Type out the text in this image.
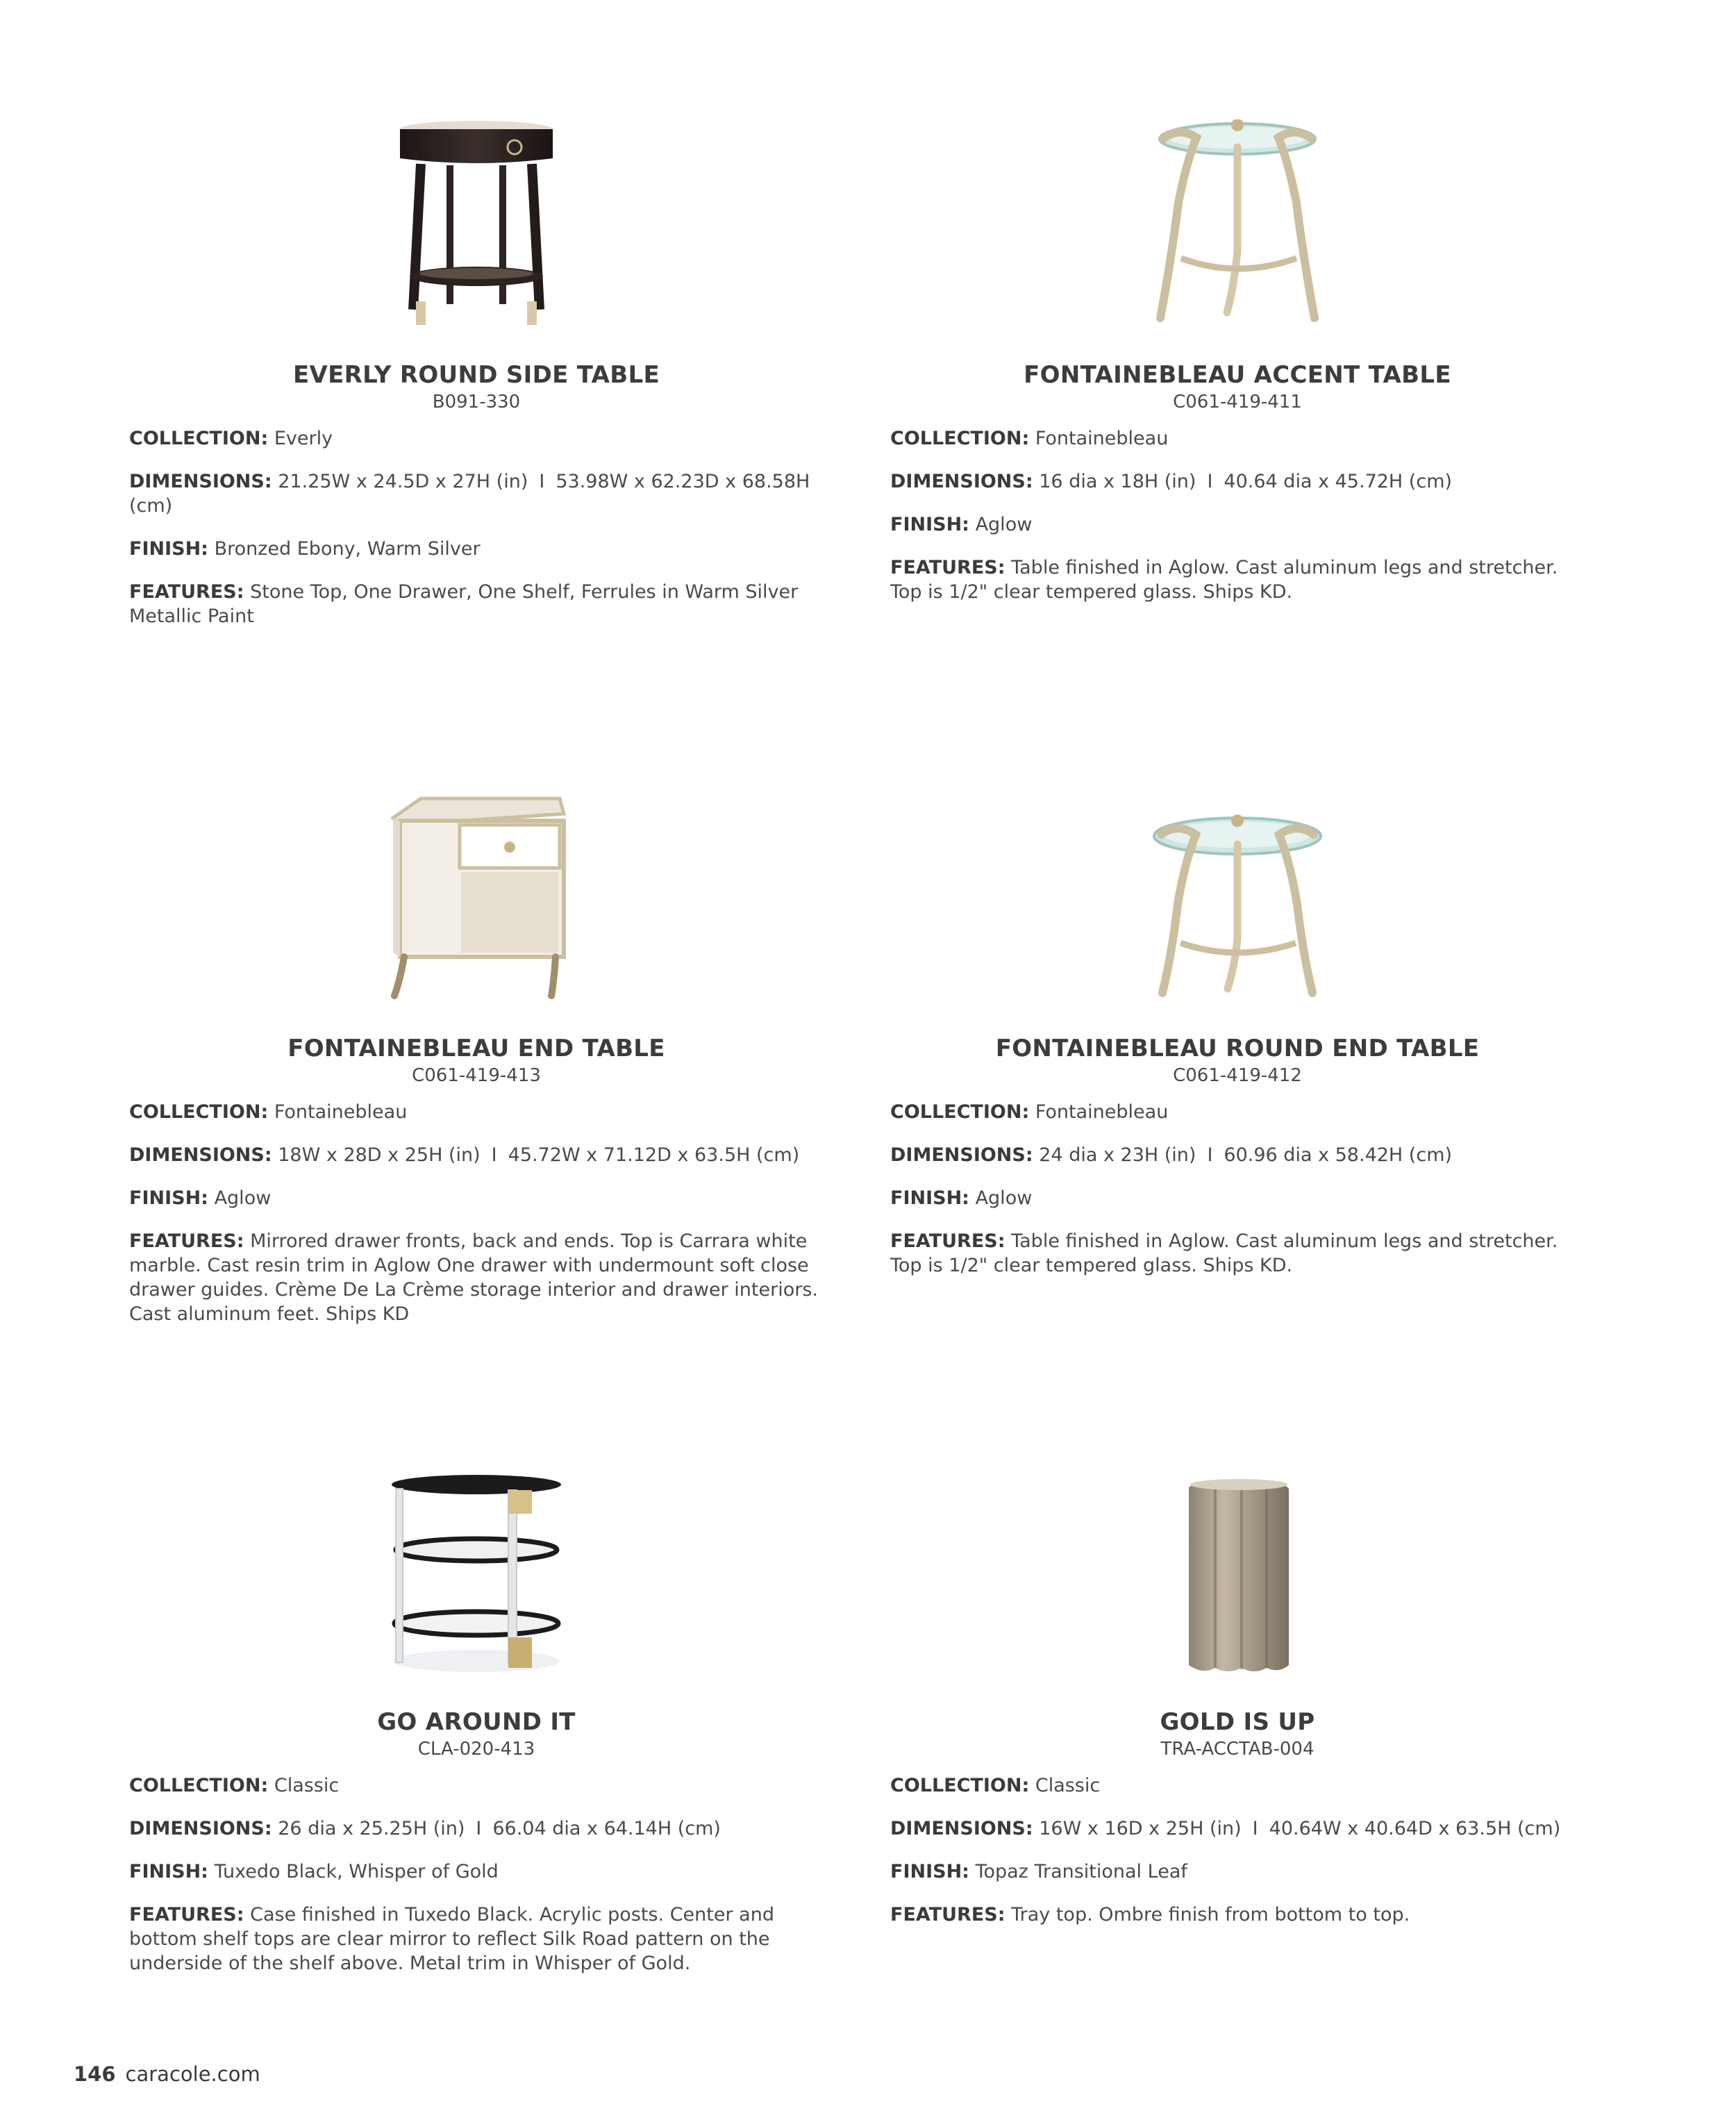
EVERLY ROUND SIDE TABLE
B091-330
COLLECTION: Everly
DIMENSIONS: 21.25W x 24.5D x 27H (in) I 53.98W x 62.23D x 68.58H (cm)
FINISH: Bronzed Ebony, Warm Silver
FEATURES: Stone Top, One Drawer, One Shelf, Ferrules in Warm Silver Metallic Paint
FONTAINEBLEAU ACCENT TABLE
C061-419-411
COLLECTION: Fontainebleau
DIMENSIONS: 16 dia x 18H (in) I 40.64 dia x 45.72H (cm)
FINISH: Aglow
FEATURES: Table finished in Aglow. Cast aluminum legs and stretcher. Top is 1/2" clear tempered glass. Ships KD.
FONTAINEBLEAU END TABLE
C061-419-413
COLLECTION: Fontainebleau
DIMENSIONS: 18W x 28D x 25H (in) I 45.72W x 71.12D x 63.5H (cm)
FINISH: Aglow
FEATURES: Mirrored drawer fronts, back and ends. Top is Carrara white marble. Cast resin trim in Aglow One drawer with undermount soft close drawer guides. Crème De La Crème storage interior and drawer interiors. Cast aluminum feet. Ships KD
FONTAINEBLEAU ROUND END TABLE
C061-419-412
COLLECTION: Fontainebleau
DIMENSIONS: 24 dia x 23H (in) I 60.96 dia x 58.42H (cm)
FINISH: Aglow
FEATURES: Table finished in Aglow. Cast aluminum legs and stretcher. Top is 1/2" clear tempered glass. Ships KD.
GO AROUND IT
CLA-020-413
COLLECTION: Classic
DIMENSIONS: 26 dia x 25.25H (in) I 66.04 dia x 64.14H (cm)
FINISH: Tuxedo Black, Whisper of Gold
FEATURES: Case finished in Tuxedo Black. Acrylic posts. Center and bottom shelf tops are clear mirror to reflect Silk Road pattern on the underside of the shelf above. Metal trim in Whisper of Gold.
GOLD IS UP
TRA-ACCTAB-004
COLLECTION: Classic
DIMENSIONS: 16W x 16D x 25H (in) I 40.64W x 40.64D x 63.5H (cm)
FINISH: Topaz Transitional Leaf
FEATURES: Tray top. Ombre finish from bottom to top.
146 caracole.com
